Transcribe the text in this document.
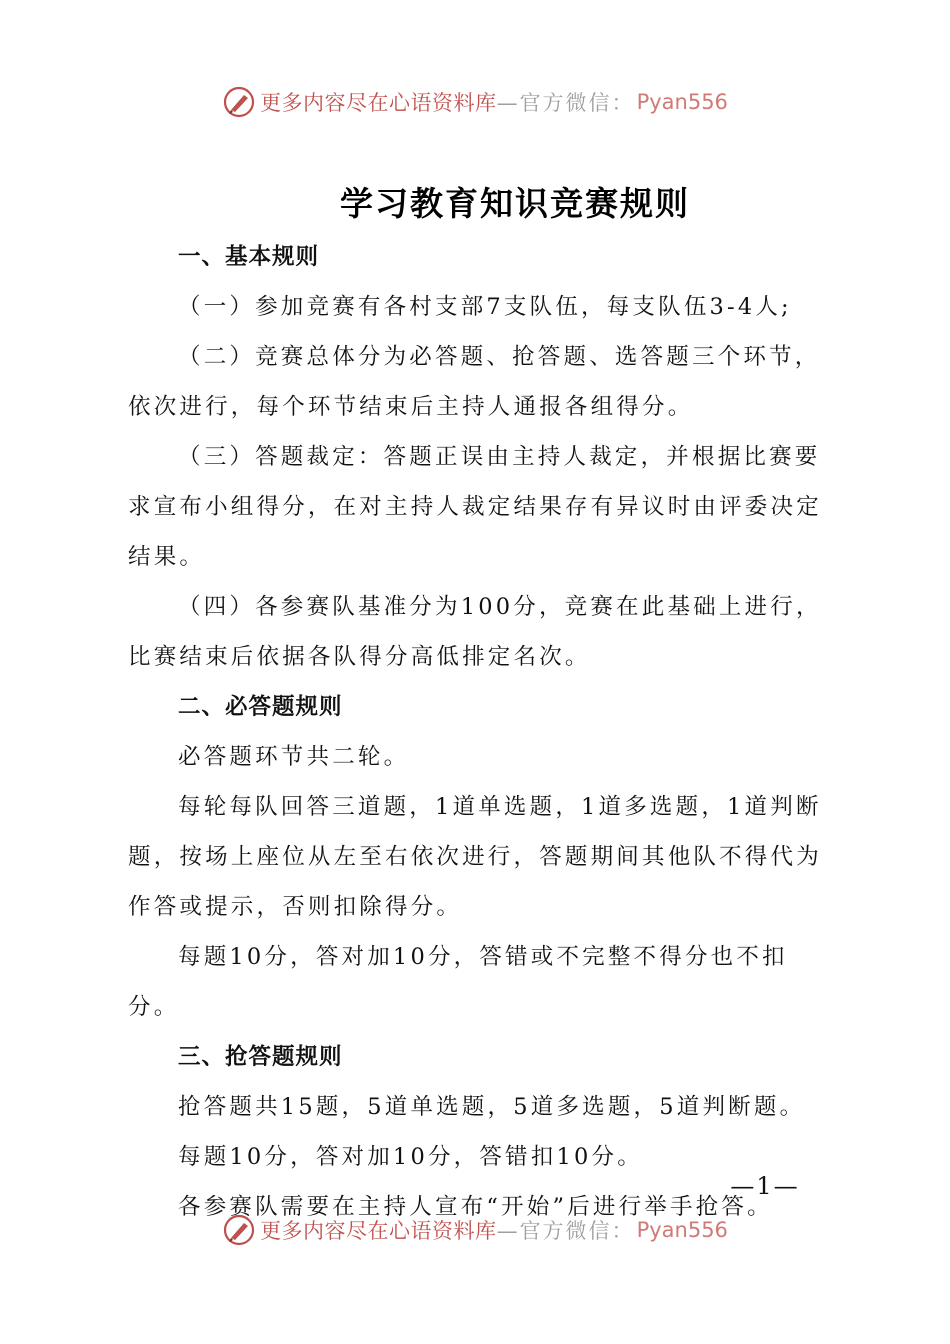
更多内容尽在心语资料库 —官方微信： Pyan556
学习教育知识竞赛规则

一、基本规则

（一）参加竞赛有各村支部7支队伍，每支队伍3-4人;

（二）竞赛总体分为必答题、抢答题、选答题三个环节，依次进行，每个环节结束后主持人通报各组得分。

（三）答题裁定：答题正误由主持人裁定，并根据比赛要求宣布小组得分，在对主持人裁定结果存有异议时由评委决定结果。

（四）各参赛队基准分为100分，竞赛在此基础上进行，比赛结束后依据各队得分高低排定名次。

二、必答题规则

必答题环节共二轮。

每轮每队回答三道题，1道单选题，1道多选题，1道判断题，按场上座位从左至右依次进行，答题期间其他队不得代为作答或提示，否则扣除得分。

每题10分，答对加10分，答错或不完整不得分也不扣分。

三、抢答题规则

抢答题共15题，5道单选题，5道多选题，5道判断题。

每题10分，答对加10分，答错扣10分。

各参赛队需要在主持人宣布“开始”后进行举手抢答。

—1—
更多内容尽在心语资料库 —官方微信： Pyan556
